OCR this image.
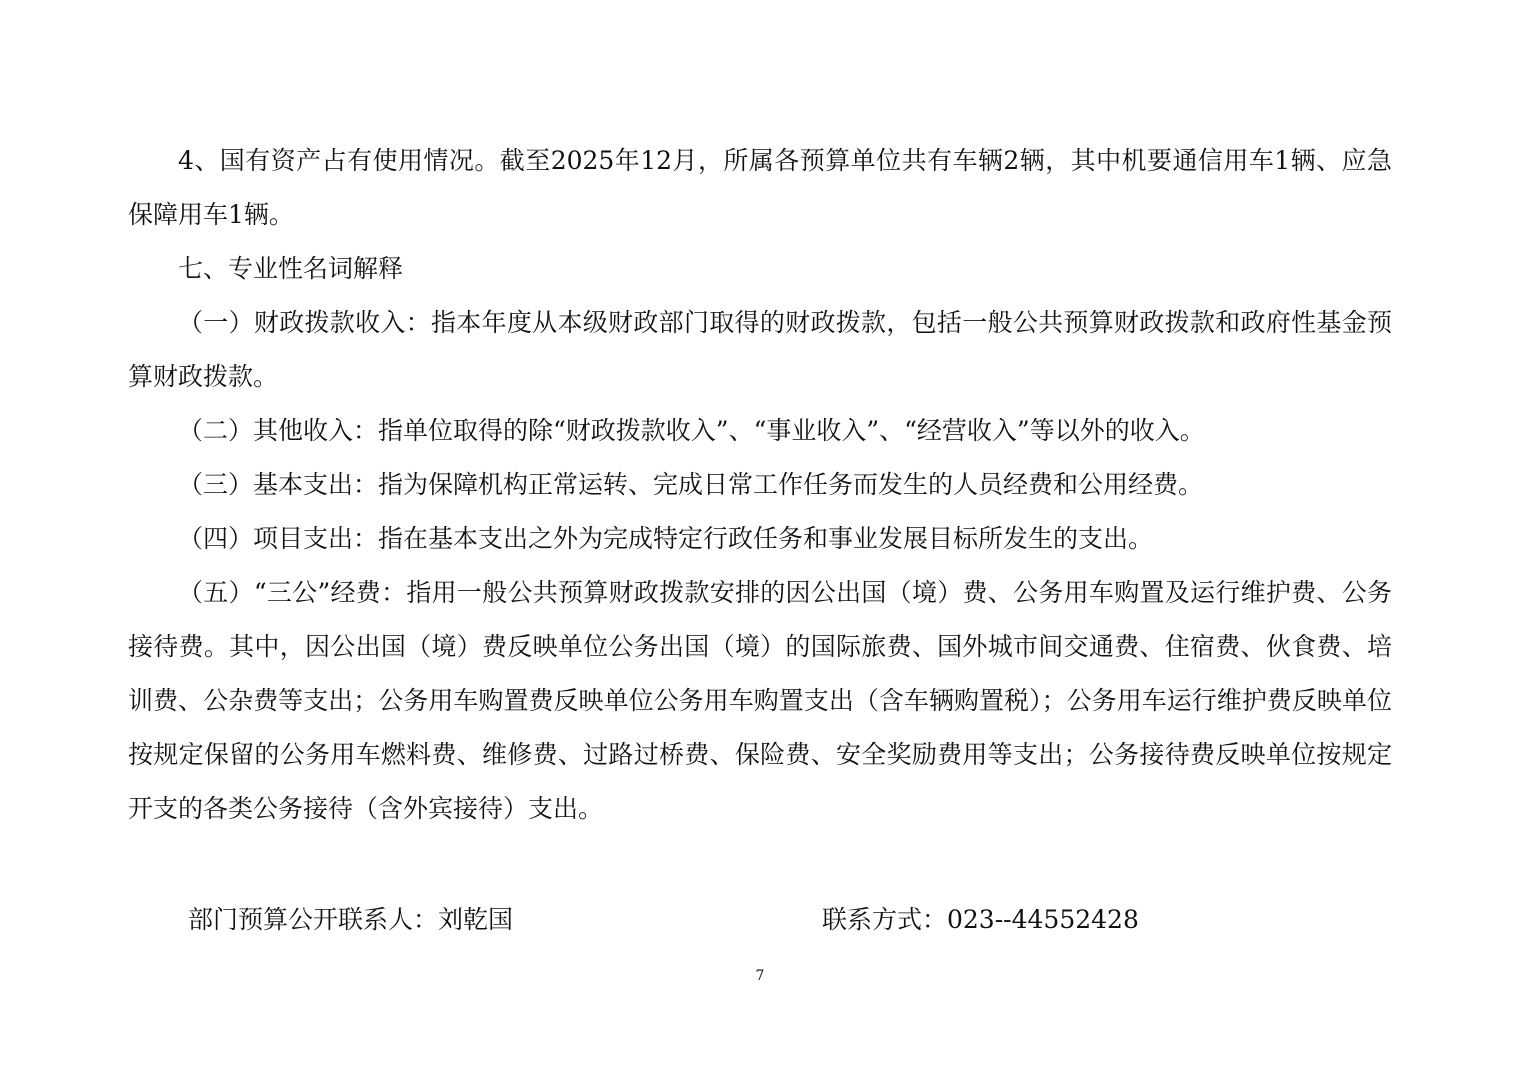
4、国有资产占有使用情况。截至2025年12月，所属各预算单位共有车辆2辆，其中机要通信用车1辆、应急保障用车1辆。

七、专业性名词解释

（一）财政拨款收入：指本年度从本级财政部门取得的财政拨款，包括一般公共预算财政拨款和政府性基金预算财政拨款。

（二）其他收入：指单位取得的除“财政拨款收入”、“事业收入”、“经营收入”等以外的收入。

（三）基本支出：指为保障机构正常运转、完成日常工作任务而发生的人员经费和公用经费。

（四）项目支出：指在基本支出之外为完成特定行政任务和事业发展目标所发生的支出。

（五）“三公”经费：指用一般公共预算财政拨款安排的因公出国（境）费、公务用车购置及运行维护费、公务接待费。其中，因公出国（境）费反映单位公务出国（境）的国际旅费、国外城市间交通费、住宿费、伙食费、培训费、公杂费等支出；公务用车购置费反映单位公务用车购置支出（含车辆购置税）；公务用车运行维护费反映单位按规定保留的公务用车燃料费、维修费、过路过桥费、保险费、安全奖励费用等支出；公务接待费反映单位按规定开支的各类公务接待（含外宾接待）支出。

部门预算公开联系人：刘乾国	联系方式：023--44552428
7
